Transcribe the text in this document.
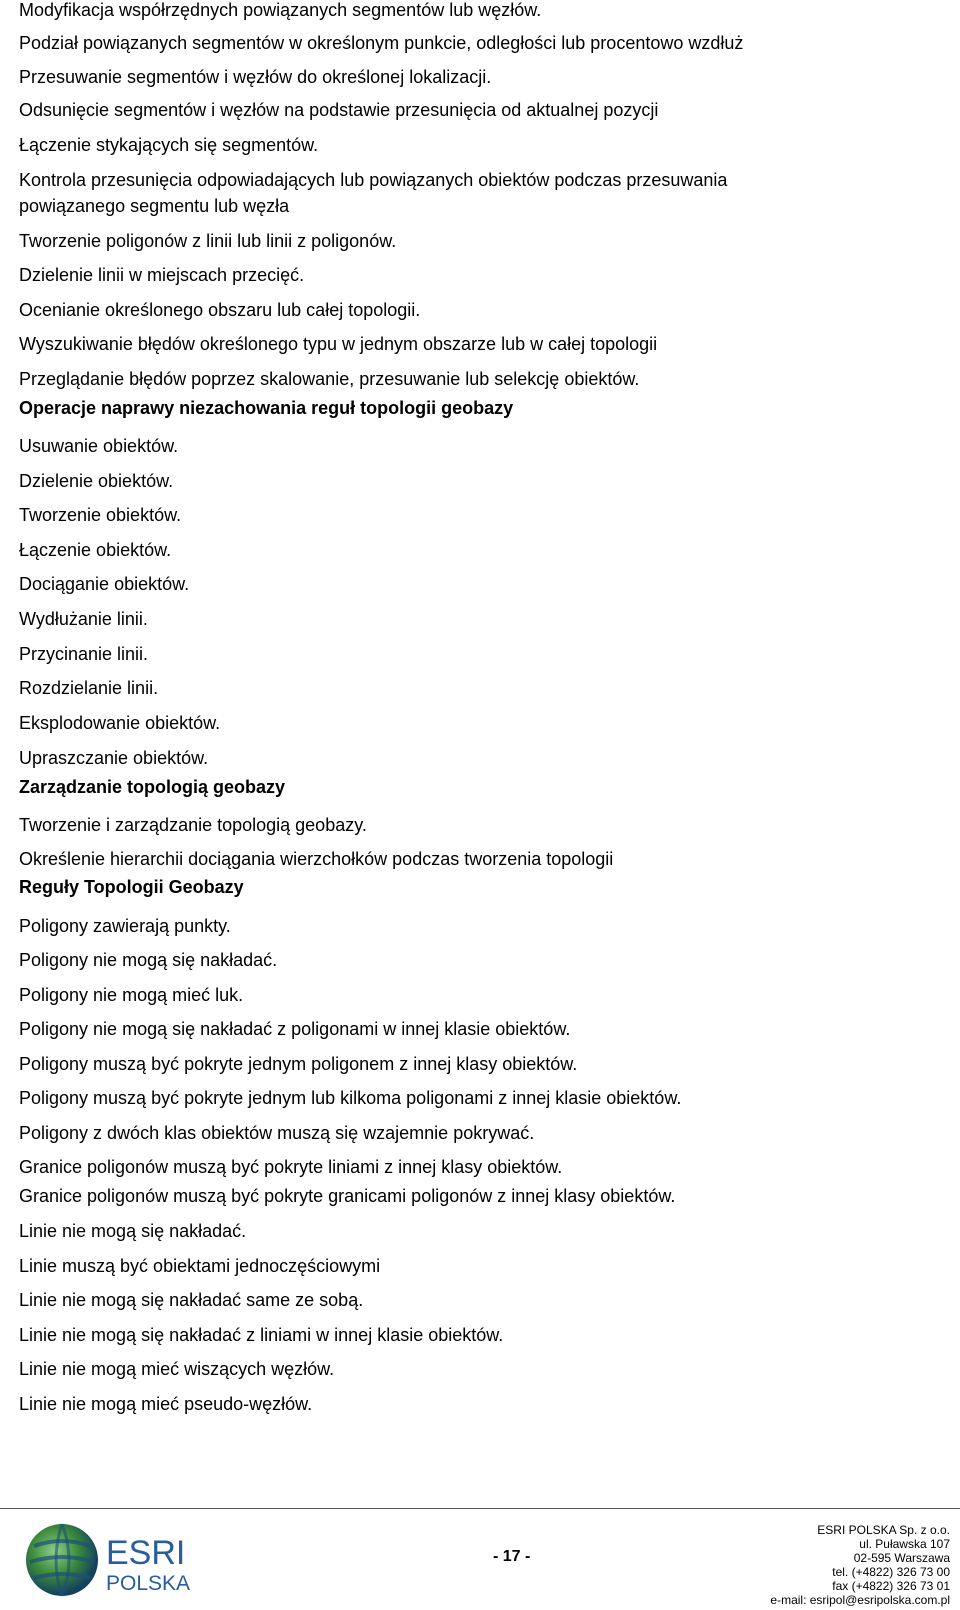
Modyfikacja współrzędnych powiązanych segmentów lub węzłów.
Podział powiązanych segmentów w określonym punkcie, odległości lub procentowo wzdłuż
Przesuwanie segmentów i węzłów do określonej lokalizacji.
Odsunięcie segmentów i węzłów na podstawie przesunięcia od aktualnej pozycji
Łączenie stykających się segmentów.
Kontrola przesunięcia odpowiadających lub powiązanych obiektów podczas przesuwania
powiązanego segmentu lub węzła
Tworzenie poligonów z linii lub linii z poligonów.
Dzielenie linii w miejscach przecięć.
Ocenianie określonego obszaru lub całej topologii.
Wyszukiwanie błędów określonego typu w jednym obszarze lub w całej topologii
Przeglądanie błędów poprzez skalowanie, przesuwanie lub selekcję obiektów.
Operacje naprawy niezachowania reguł topologii geobazy
Usuwanie obiektów.
Dzielenie obiektów.
Tworzenie obiektów.
Łączenie obiektów.
Dociąganie obiektów.
Wydłużanie linii.
Przycinanie linii.
Rozdzielanie linii.
Eksplodowanie obiektów.
Upraszczanie obiektów.
Zarządzanie topologią geobazy
Tworzenie i zarządzanie topologią geobazy.
Określenie hierarchii dociągania wierzchołków podczas tworzenia topologii
Reguły Topologii Geobazy
Poligony zawierają punkty.
Poligony nie mogą się nakładać.
Poligony nie mogą mieć luk.
Poligony nie mogą się nakładać z poligonami w innej klasie obiektów.
Poligony muszą być pokryte jednym poligonem z innej klasy obiektów.
Poligony muszą być pokryte jednym lub kilkoma poligonami z innej klasie obiektów.
Poligony z dwóch klas obiektów muszą się wzajemnie pokrywać.
Granice poligonów muszą być pokryte liniami z innej klasy obiektów.
Granice poligonów muszą być pokryte granicami poligonów z innej klasy obiektów.
Linie nie mogą się nakładać.
Linie muszą być obiektami jednoczęściowymi
Linie nie mogą się nakładać same ze sobą.
Linie nie mogą się nakładać z liniami w innej klasie obiektów.
Linie nie mogą mieć wiszących węzłów.
Linie nie mogą mieć pseudo-węzłów.
ESRI
POLSKA
- 17 -
ESRI POLSKA Sp. z o.o.
ul. Puławska 107
02-595 Warszawa
tel. (+4822) 326 73 00
fax (+4822) 326 73 01
e-mail: esripol@esripolska.com.pl
